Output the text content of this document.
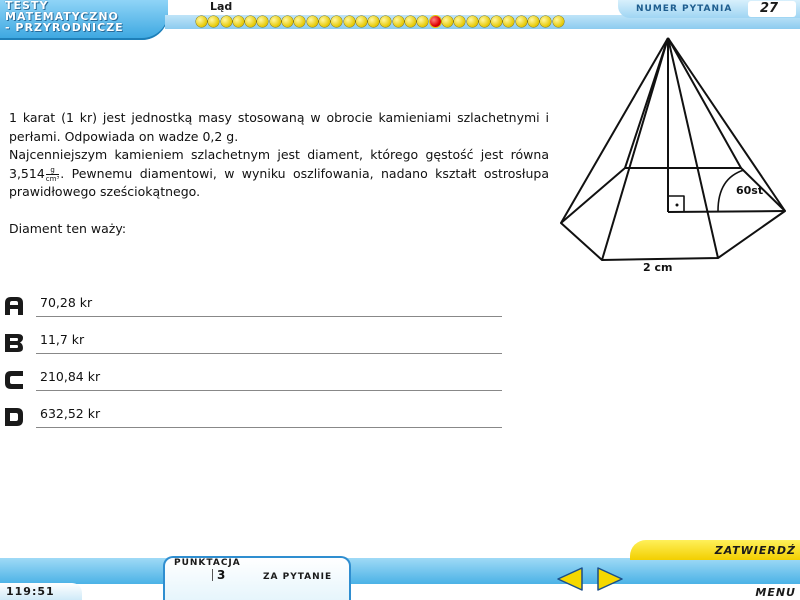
TESTY
MATEMATYCZNO
- PRZYRODNICZE
Ląd	NUMER PYTANIA 27

1 karat (1 kr) jest jednostką masy stosowaną w obrocie kamieniami szlachetnymi i perłami. Odpowiada on wadze 0,2 g.

Najcenniejszym kamieniem szlachetnym jest diament, którego gęstość jest równa $3,514 \frac{g}{\text{cm³}}$ . Pewnemu diamentowi, w wyniku oszlifowania, nadano kształt ostrosłupa prawidłowego sześciokątnego.

Diament ten waży:

60st
2 cm
70,28 kr
11,7 kr
210,84 kr
632,52 kr
ZATWIERDŹ
119:51
PUNKTACJA
3	ZA PYTANIE
MENU
